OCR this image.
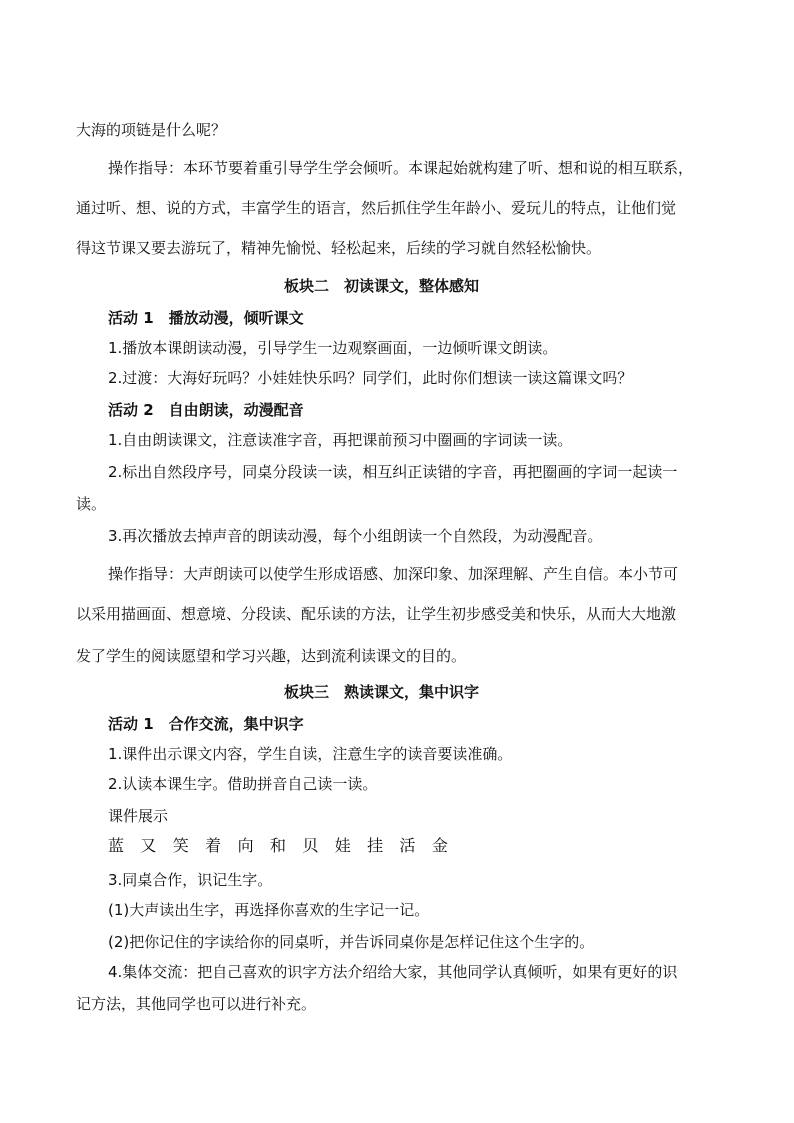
大海的项链是什么呢？
操作指导：本环节要着重引导学生学会倾听。本课起始就构建了听、想和说的相互联系，
通过听、想、说的方式，丰富学生的语言，然后抓住学生年龄小、爱玩儿的特点，让他们觉
得这节课又要去游玩了，精神先愉悦、轻松起来，后续的学习就自然轻松愉快。
板块二　初读课文，整体感知
活动 1　播放动漫，倾听课文
1.播放本课朗读动漫，引导学生一边观察画面，一边倾听课文朗读。
2.过渡：大海好玩吗？小娃娃快乐吗？同学们，此时你们想读一读这篇课文吗？
活动 2　自由朗读，动漫配音
1.自由朗读课文，注意读准字音，再把课前预习中圈画的字词读一读。
2.标出自然段序号，同桌分段读一读，相互纠正读错的字音，再把圈画的字词一起读一
读。
3.再次播放去掉声音的朗读动漫，每个小组朗读一个自然段，为动漫配音。
操作指导：大声朗读可以使学生形成语感、加深印象、加深理解、产生自信。本小节可
以采用描画面、想意境、分段读、配乐读的方法，让学生初步感受美和快乐，从而大大地激
发了学生的阅读愿望和学习兴趣，达到流利读课文的目的。
板块三　熟读课文，集中识字
活动 1　合作交流，集中识字
1.课件出示课文内容，学生自读，注意生字的读音要读准确。
2.认读本课生字。借助拼音自己读一读。
课件展示
蓝 又 笑 着 向 和 贝 娃 挂 活 金
3.同桌合作，识记生字。
(1)大声读出生字，再选择你喜欢的生字记一记。
(2)把你记住的字读给你的同桌听，并告诉同桌你是怎样记住这个生字的。
4.集体交流：把自己喜欢的识字方法介绍给大家，其他同学认真倾听，如果有更好的识
记方法，其他同学也可以进行补充。
